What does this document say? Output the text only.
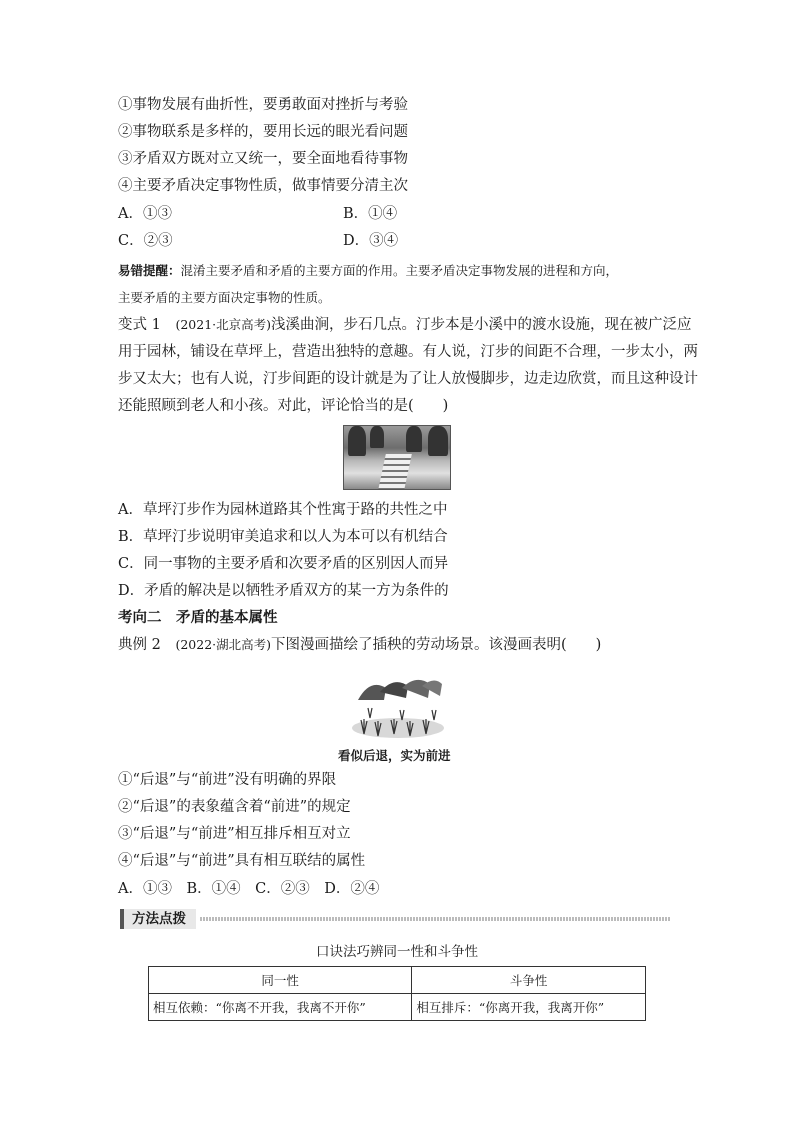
①事物发展有曲折性，要勇敢面对挫折与考验
②事物联系是多样的，要用长远的眼光看问题
③矛盾双方既对立又统一，要全面地看待事物
④主要矛盾决定事物性质，做事情要分清主次
A．①③	B．①④
C．②③	D．③④
易错提醒：混淆主要矛盾和矛盾的主要方面的作用。主要矛盾决定事物发展的进程和方向，
主要矛盾的主要方面决定事物的性质。
变式 1 (2021·北京高考)浅溪曲涧，步石几点。汀步本是小溪中的渡水设施，现在被广泛应
用于园林，铺设在草坪上，营造出独特的意趣。有人说，汀步的间距不合理，一步太小，两
步又太大；也有人说，汀步间距的设计就是为了让人放慢脚步，边走边欣赏，而且这种设计
还能照顾到老人和小孩。对此，评论恰当的是(　　)
A．草坪汀步作为园林道路其个性寓于路的共性之中
B．草坪汀步说明审美追求和以人为本可以有机结合
C．同一事物的主要矛盾和次要矛盾的区别因人而异
D．矛盾的解决是以牺牲矛盾双方的某一方为条件的
考向二　矛盾的基本属性
典例 2 (2022·湖北高考)下图漫画描绘了插秧的劳动场景。该漫画表明(　　)
看似后退，实为前进
①“后退”与“前进”没有明确的界限
②“后退”的表象蕴含着“前进”的规定
③“后退”与“前进”相互排斥相互对立
④“后退”与“前进”具有相互联结的属性
A．①③　B．①④　C．②③　D．②④
方法点拨
口诀法巧辨同一性和斗争性
同一性	斗争性
相互依赖：“你离不开我，我离不开你”	相互排斥：“你离开我，我离开你”
